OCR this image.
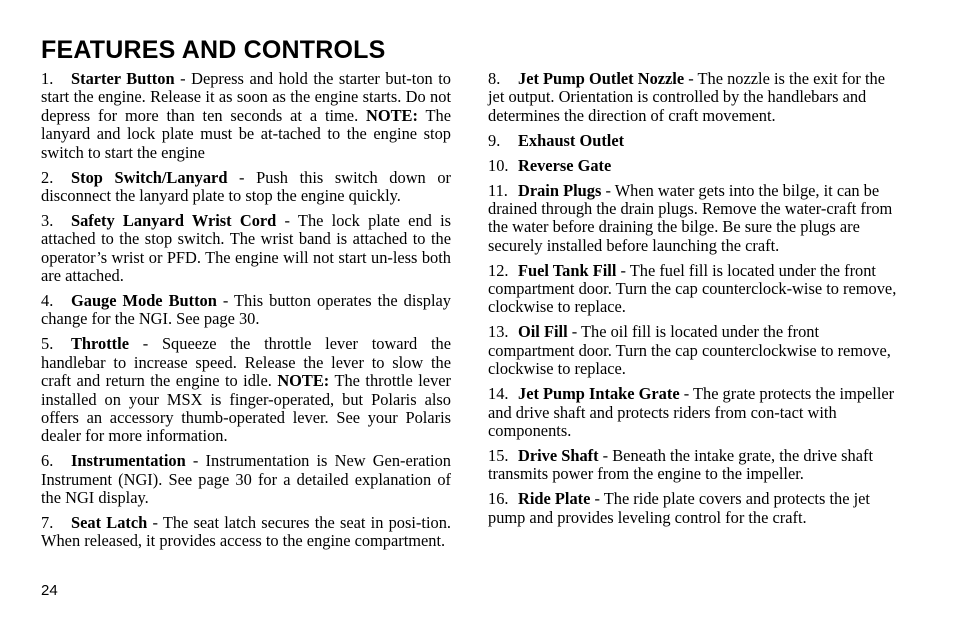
FEATURES AND CONTROLS

1. Starter Button - Depress and hold the starter but-ton to start the engine. Release it as soon as the engine starts. Do not depress for more than ten seconds at a time. NOTE: The lanyard and lock plate must be at-tached to the engine stop switch to start the engine

2. Stop Switch/Lanyard - Push this switch down or disconnect the lanyard plate to stop the engine quickly.

3. Safety Lanyard Wrist Cord - The lock plate end is attached to the stop switch. The wrist band is attached to the operator’s wrist or PFD. The engine will not start un-less both are attached.

4. Gauge Mode Button - This button operates the display change for the NGI. See page 30.

5. Throttle - Squeeze the throttle lever toward the handlebar to increase speed. Release the lever to slow the craft and return the engine to idle. NOTE: The throttle lever installed on your MSX is finger-operated, but Polaris also offers an accessory thumb-operated lever. See your Polaris dealer for more information.

6. Instrumentation - Instrumentation is New Gen-eration Instrument (NGI). See page 30 for a detailed explanation of the NGI display.

7. Seat Latch - The seat latch secures the seat in posi-tion. When released, it provides access to the engine compartment.

8. Jet Pump Outlet Nozzle - The nozzle is the exit for the jet output. Orientation is controlled by the handlebars and determines the direction of craft movement.

9. Exhaust Outlet

10. Reverse Gate

11. Drain Plugs - When water gets into the bilge, it can be drained through the drain plugs. Remove the water-craft from the water before draining the bilge. Be sure the plugs are securely installed before launching the craft.

12. Fuel Tank Fill - The fuel fill is located under the front compartment door. Turn the cap counterclock-wise to remove, clockwise to replace.

13. Oil Fill - The oil fill is located under the front compartment door. Turn the cap counterclockwise to remove, clockwise to replace.

14. Jet Pump Intake Grate - The grate protects the impeller and drive shaft and protects riders from con-tact with components.

15. Drive Shaft - Beneath the intake grate, the drive shaft transmits power from the engine to the impeller.

16. Ride Plate - The ride plate covers and protects the jet pump and provides leveling control for the craft.

24
